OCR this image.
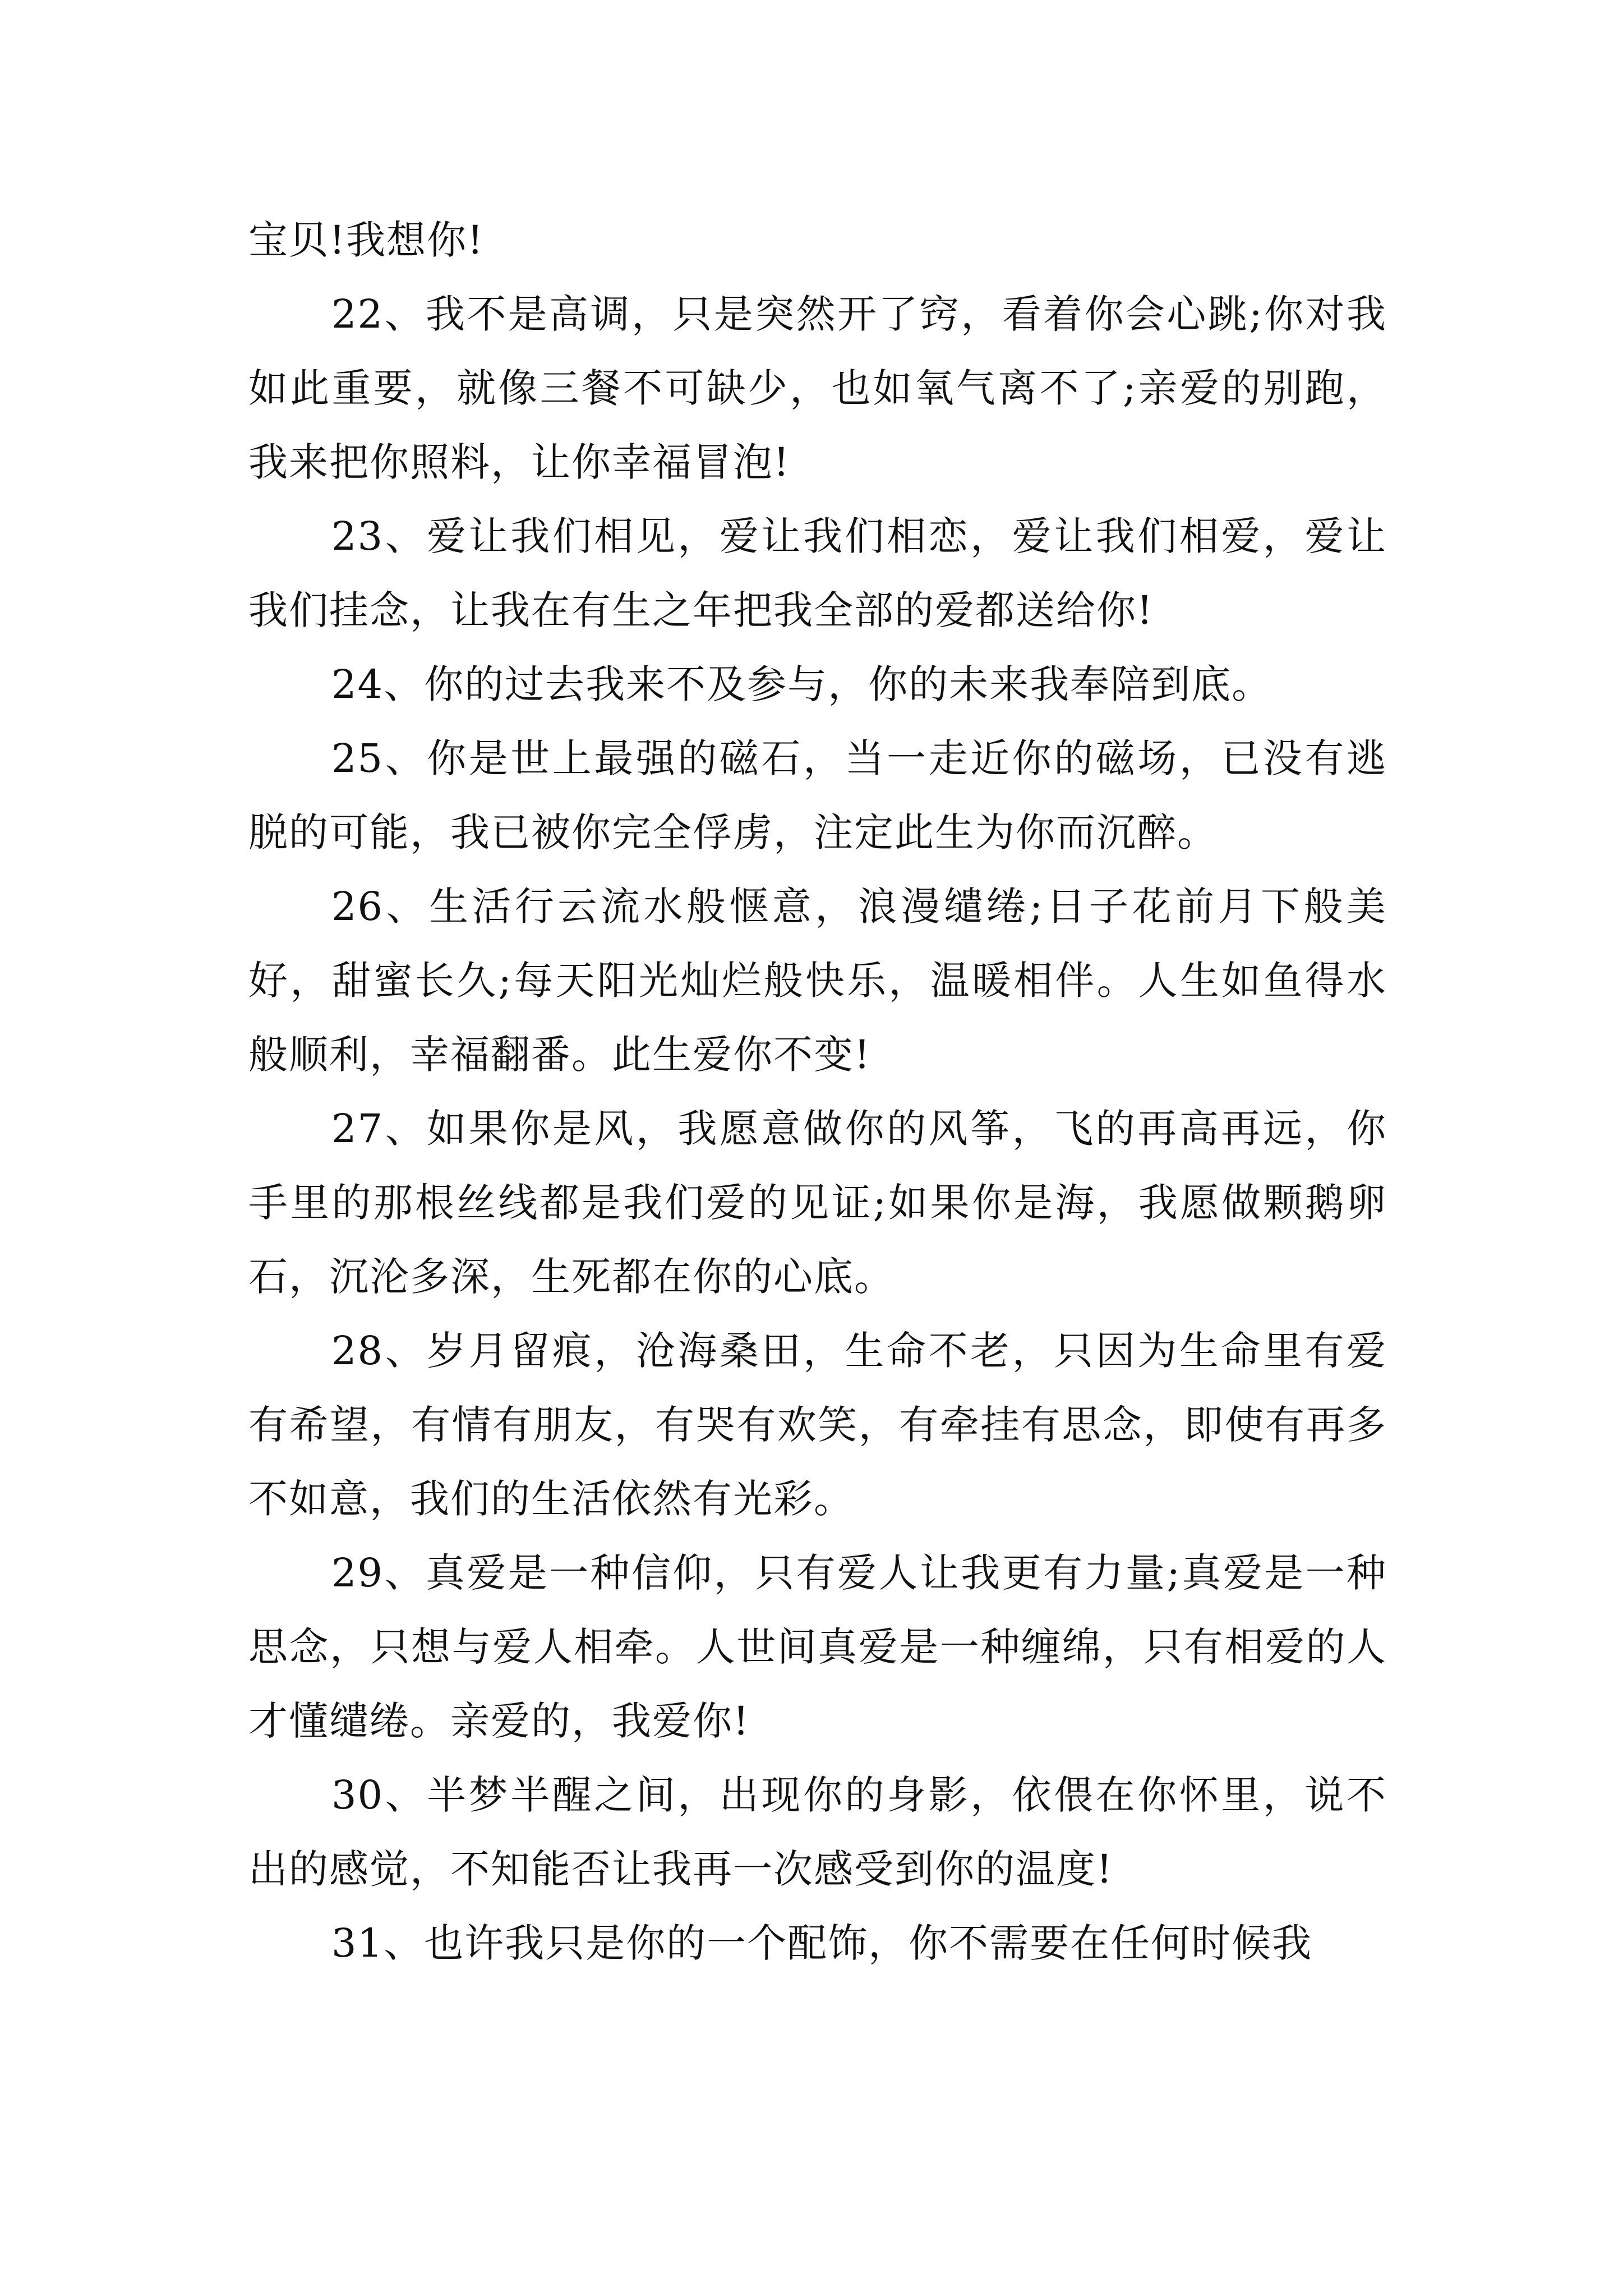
宝贝!我想你!

22、我不是高调，只是突然开了窍，看着你会心跳;你对我如此重要，就像三餐不可缺少，也如氧气离不了;亲爱的别跑，我来把你照料，让你幸福冒泡!

23、爱让我们相见，爱让我们相恋，爱让我们相爱，爱让我们挂念，让我在有生之年把我全部的爱都送给你!

24、你的过去我来不及参与，你的未来我奉陪到底。

25、你是世上最强的磁石，当一走近你的磁场，已没有逃脱的可能，我已被你完全俘虏，注定此生为你而沉醉。

26、生活行云流水般惬意，浪漫缱绻;日子花前月下般美好，甜蜜长久;每天阳光灿烂般快乐，温暖相伴。人生如鱼得水般顺利，幸福翻番。此生爱你不变!

27、如果你是风，我愿意做你的风筝，飞的再高再远，你手里的那根丝线都是我们爱的见证;如果你是海，我愿做颗鹅卵石，沉沦多深，生死都在你的心底。

28、岁月留痕，沧海桑田，生命不老，只因为生命里有爱有希望，有情有朋友，有哭有欢笑，有牵挂有思念，即使有再多不如意，我们的生活依然有光彩。

29、真爱是一种信仰，只有爱人让我更有力量;真爱是一种思念，只想与爱人相牵。人世间真爱是一种缠绵，只有相爱的人才懂缱绻。亲爱的，我爱你!

30、半梦半醒之间，出现你的身影，依偎在你怀里，说不出的感觉，不知能否让我再一次感受到你的温度!

31、也许我只是你的一个配饰，你不需要在任何时候我
